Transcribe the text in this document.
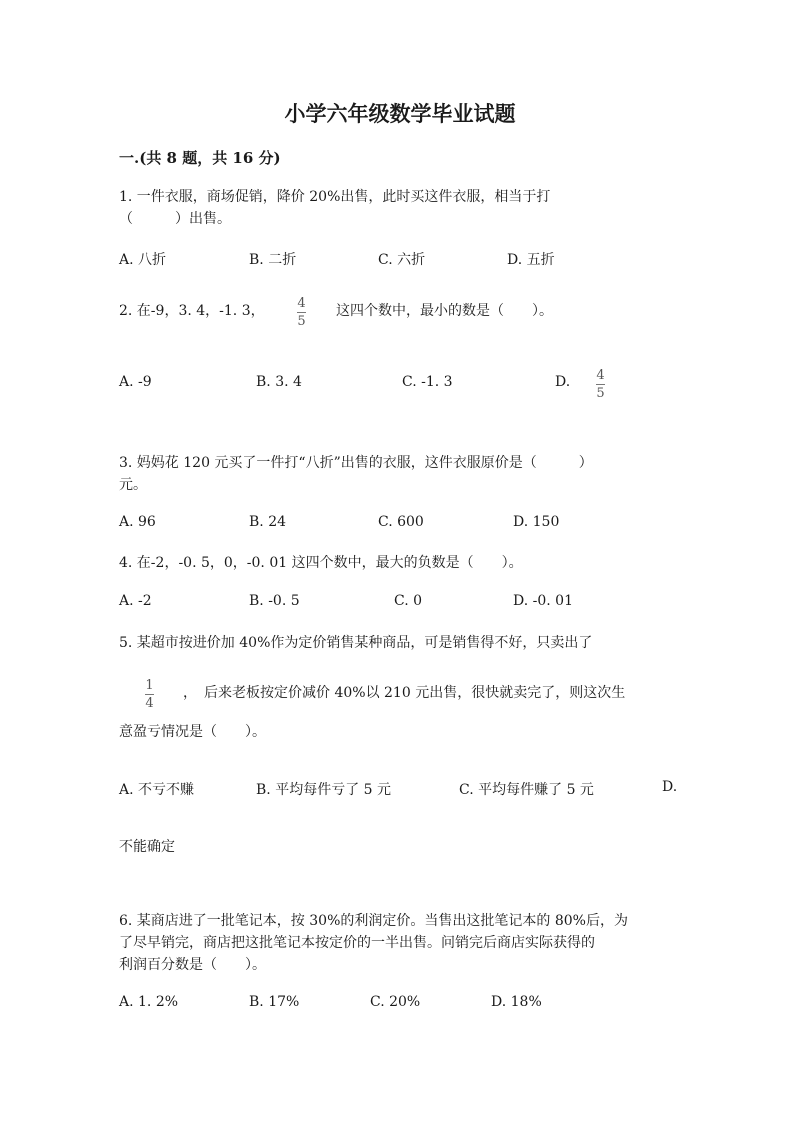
小学六年级数学毕业试题
一.(共 8 题，共 16 分)
1. 一件衣服，商场促销，降价 20%出售，此时买这件衣服，相当于打
（　　　）出售。
A. 八折	B. 二折	C. 六折	D. 五折
2. 在-9，3. 4，-1. 3，	4
5
这四个数中，最小的数是（　　）。
A. -9	B. 3. 4	C. -1. 3	D. 4
5
3. 妈妈花 120 元买了一件打“八折”出售的衣服，这件衣服原价是（　　　）
元。
A. 96	B. 24	C. 600	D. 150
4. 在-2，-0. 5，0，-0. 01 这四个数中，最大的负数是（　　）。
A. -2	B. -0. 5	C. 0	D. -0. 01
5. 某超市按进价加 40%作为定价销售某种商品，可是销售得不好，只卖出了
1
4
，　后来老板按定价减价 40%以 210 元出售，很快就卖完了，则这次生
意盈亏情况是（　　）。
A. 不亏不赚	B. 平均每件亏了 5 元	C. 平均每件赚了 5 元	D.
不能确定
6. 某商店进了一批笔记本，按 30%的利润定价。当售出这批笔记本的 80%后，为
了尽早销完，商店把这批笔记本按定价的一半出售。问销完后商店实际获得的
利润百分数是（　　）。
A. 1. 2%	B. 17%	C. 20%	D. 18%
